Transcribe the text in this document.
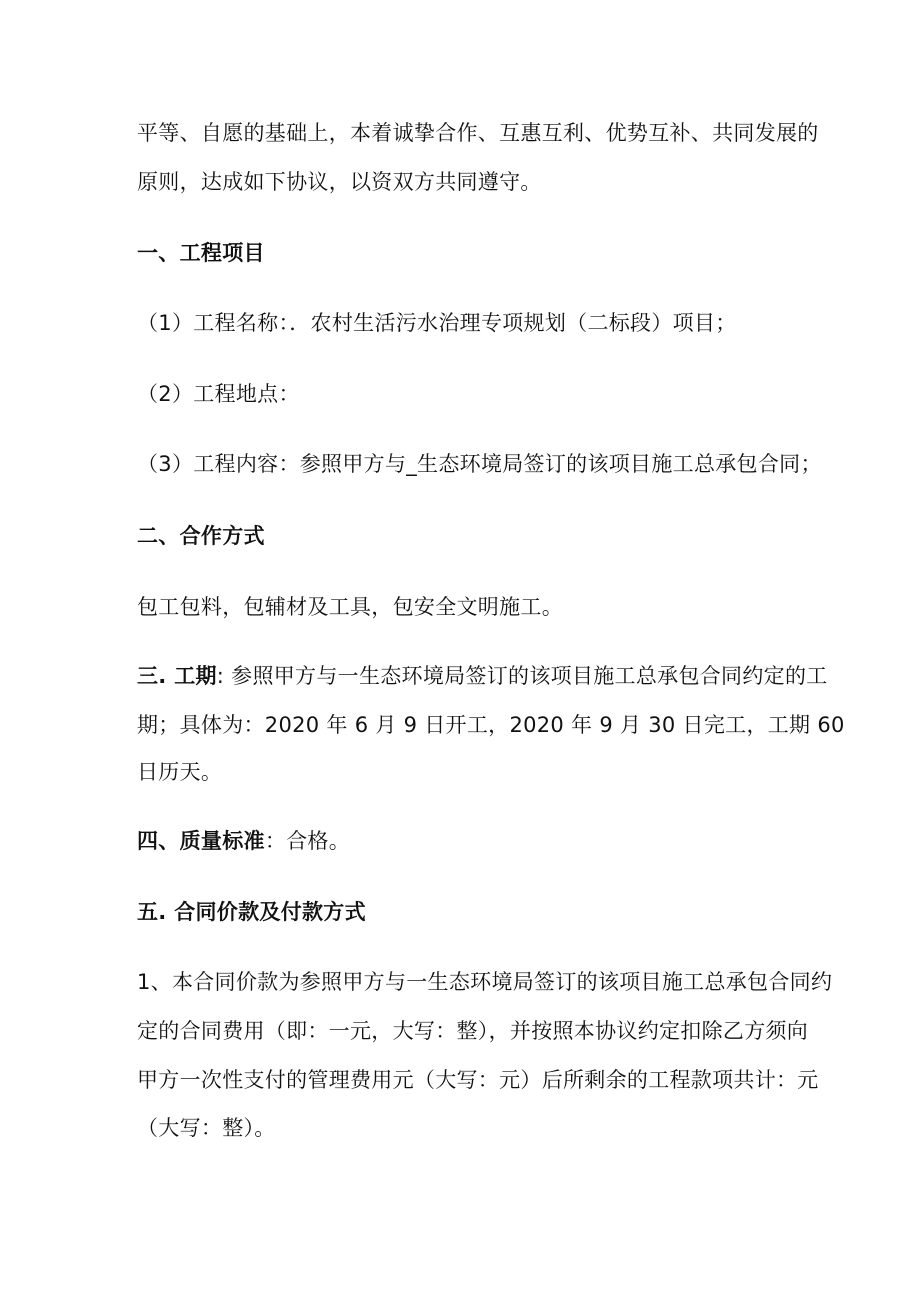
平等、自愿的基础上，本着诚挚合作、互惠互利、优势互补、共同发展的
原则，达成如下协议，以资双方共同遵守。
一、工程项目
（1）工程名称：．农村生活污水治理专项规划（二标段）项目；
（2）工程地点：
（3）工程内容：参照甲方与_生态环境局签订的该项目施工总承包合同；
二、合作方式
包工包料，包辅材及工具，包安全文明施工。
三. 工期: 参照甲方与一生态环境局签订的该项目施工总承包合同约定的工
期；具体为：2020 年 6 月 9 日开工，2020 年 9 月 30 日完工，工期 60
日历天。
四、质量标准：合格。
五. 合同价款及付款方式
1、本合同价款为参照甲方与一生态环境局签订的该项目施工总承包合同约
定的合同费用（即：一元，大写：整），并按照本协议约定扣除乙方须向
甲方一次性支付的管理费用元（大写：元）后所剩余的工程款项共计：元
（大写：整）。
